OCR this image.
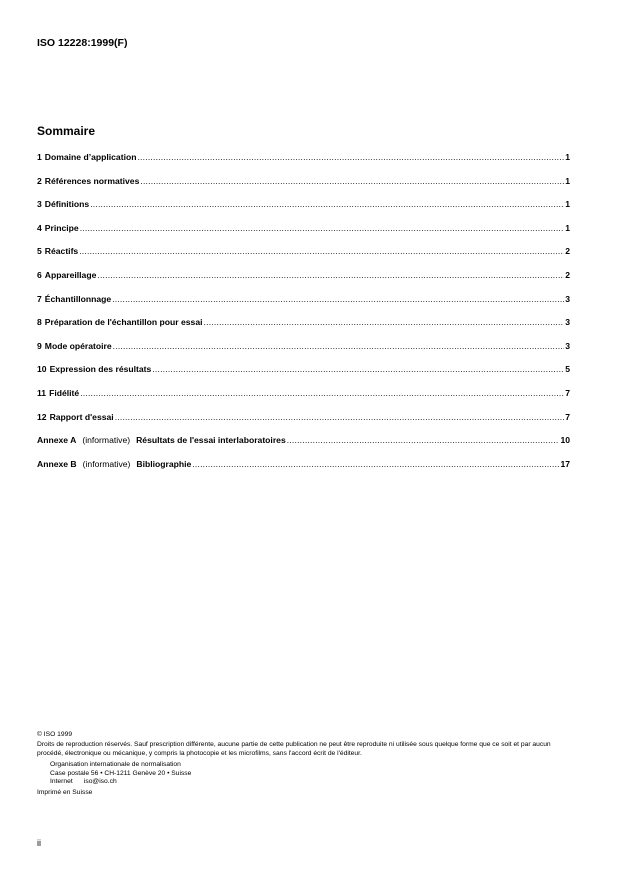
ISO 12228:1999(F)

Sommaire
1 Domaine d’application .....	1
2 Références normatives .....	1
3 Définitions .....	1
4 Principe .....	1
5 Réactifs .....	2
6 Appareillage .....	2
7 Échantillonnage .....	3
8 Préparation de l'échantillon pour essai .....	3
9 Mode opératoire .....	3
10 Expression des résultats .....	5
11 Fidélité .....	7
12 Rapport d'essai .....	7
Annexe A (informative) Résultats de l'essai interlaboratoires .....	10
Annexe B (informative) Bibliographie .....	17

© ISO 1999

Droits de reproduction réservés. Sauf prescription différente, aucune partie de cette publication ne peut être reproduite ni utilisée sous quelque forme que ce soit et par aucun procédé, électronique ou mécanique, y compris la photocopie et les microfilms, sans l'accord écrit de l'éditeur.

Organisation internationale de normalisation

Case postale 56 • CH-1211 Genève 20 • Suisse

Internet iso@iso.ch

Imprimé en Suisse

ii
